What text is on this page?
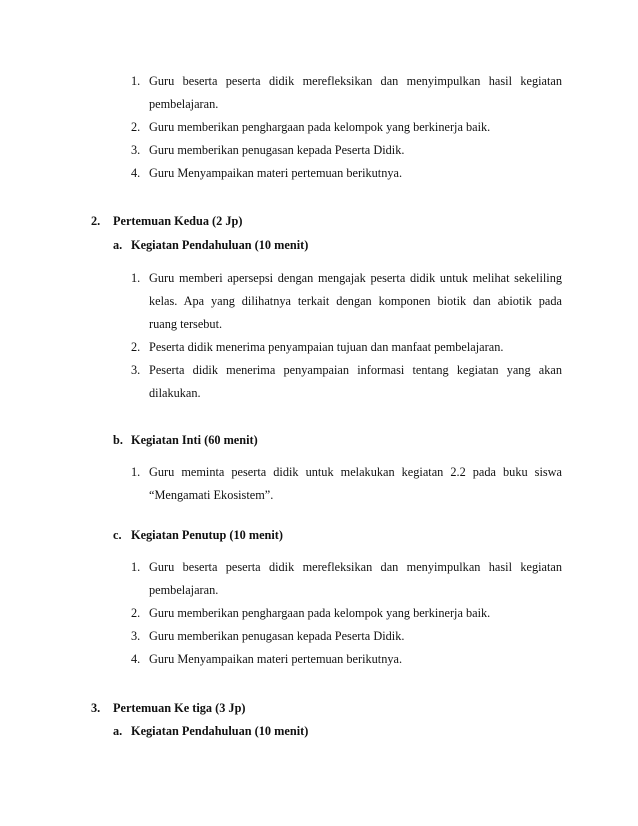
1. Guru beserta peserta didik merefleksikan dan menyimpulkan hasil kegiatan
pembelajaran.
2. Guru memberikan penghargaan pada kelompok yang berkinerja baik.
3. Guru memberikan penugasan kepada Peserta Didik.
4. Guru Menyampaikan materi pertemuan berikutnya.
2. Pertemuan Kedua (2 Jp)
a. Kegiatan Pendahuluan (10 menit)
1. Guru memberi apersepsi dengan mengajak peserta didik untuk melihat sekeliling
kelas. Apa yang dilihatnya terkait dengan komponen biotik dan abiotik pada
ruang tersebut.
2. Peserta didik menerima penyampaian tujuan dan manfaat pembelajaran.
3. Peserta didik menerima penyampaian informasi tentang kegiatan yang akan
dilakukan.
b. Kegiatan Inti (60 menit)
1. Guru meminta peserta didik untuk melakukan kegiatan 2.2 pada buku siswa
“Mengamati Ekosistem”.
c. Kegiatan Penutup (10 menit)
1. Guru beserta peserta didik merefleksikan dan menyimpulkan hasil kegiatan
pembelajaran.
2. Guru memberikan penghargaan pada kelompok yang berkinerja baik.
3. Guru memberikan penugasan kepada Peserta Didik.
4. Guru Menyampaikan materi pertemuan berikutnya.
3. Pertemuan Ke tiga (3 Jp)
a. Kegiatan Pendahuluan (10 menit)
